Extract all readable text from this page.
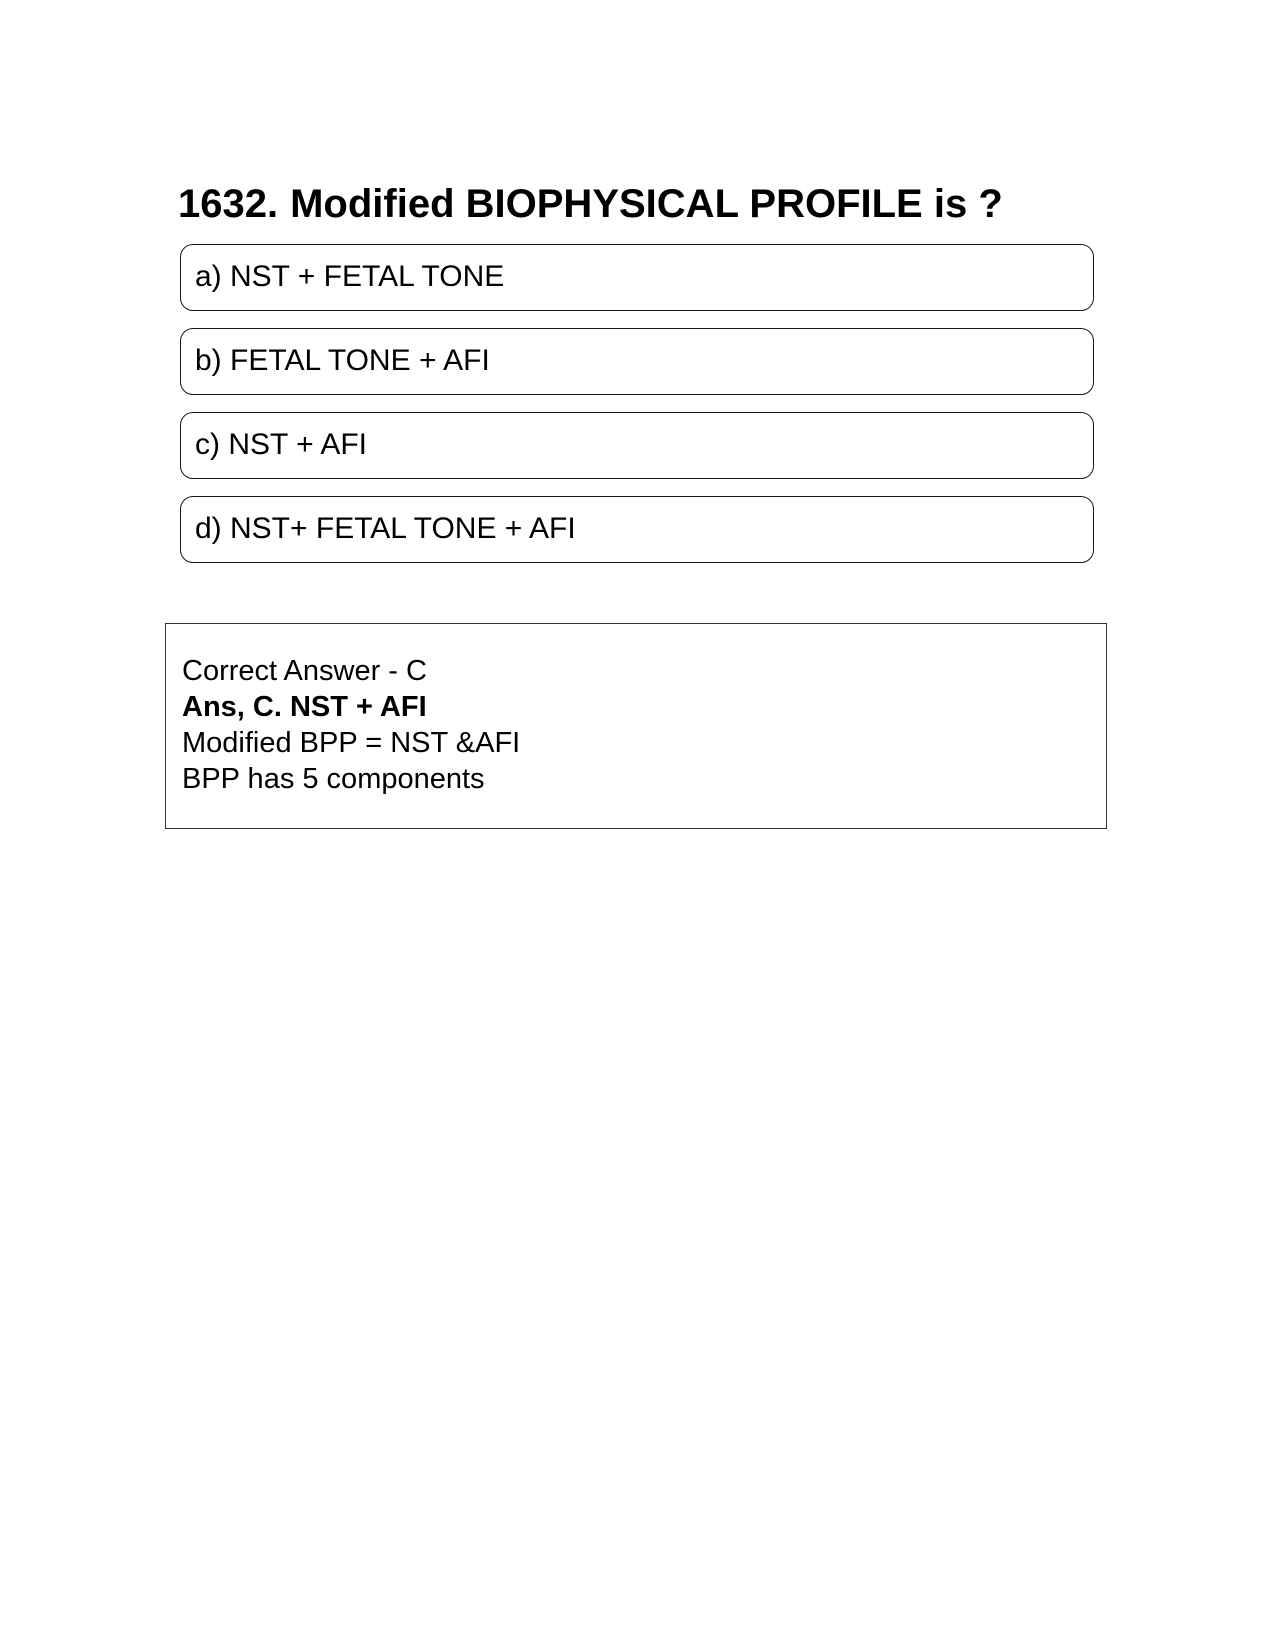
1632. Modified BIOPHYSICAL PROFILE is ?
a) NST + FETAL TONE
b) FETAL TONE + AFI
c) NST + AFI
d) NST+ FETAL TONE + AFI
Correct Answer - C
Ans, C. NST + AFI
Modified BPP = NST &AFI
BPP has 5 components
